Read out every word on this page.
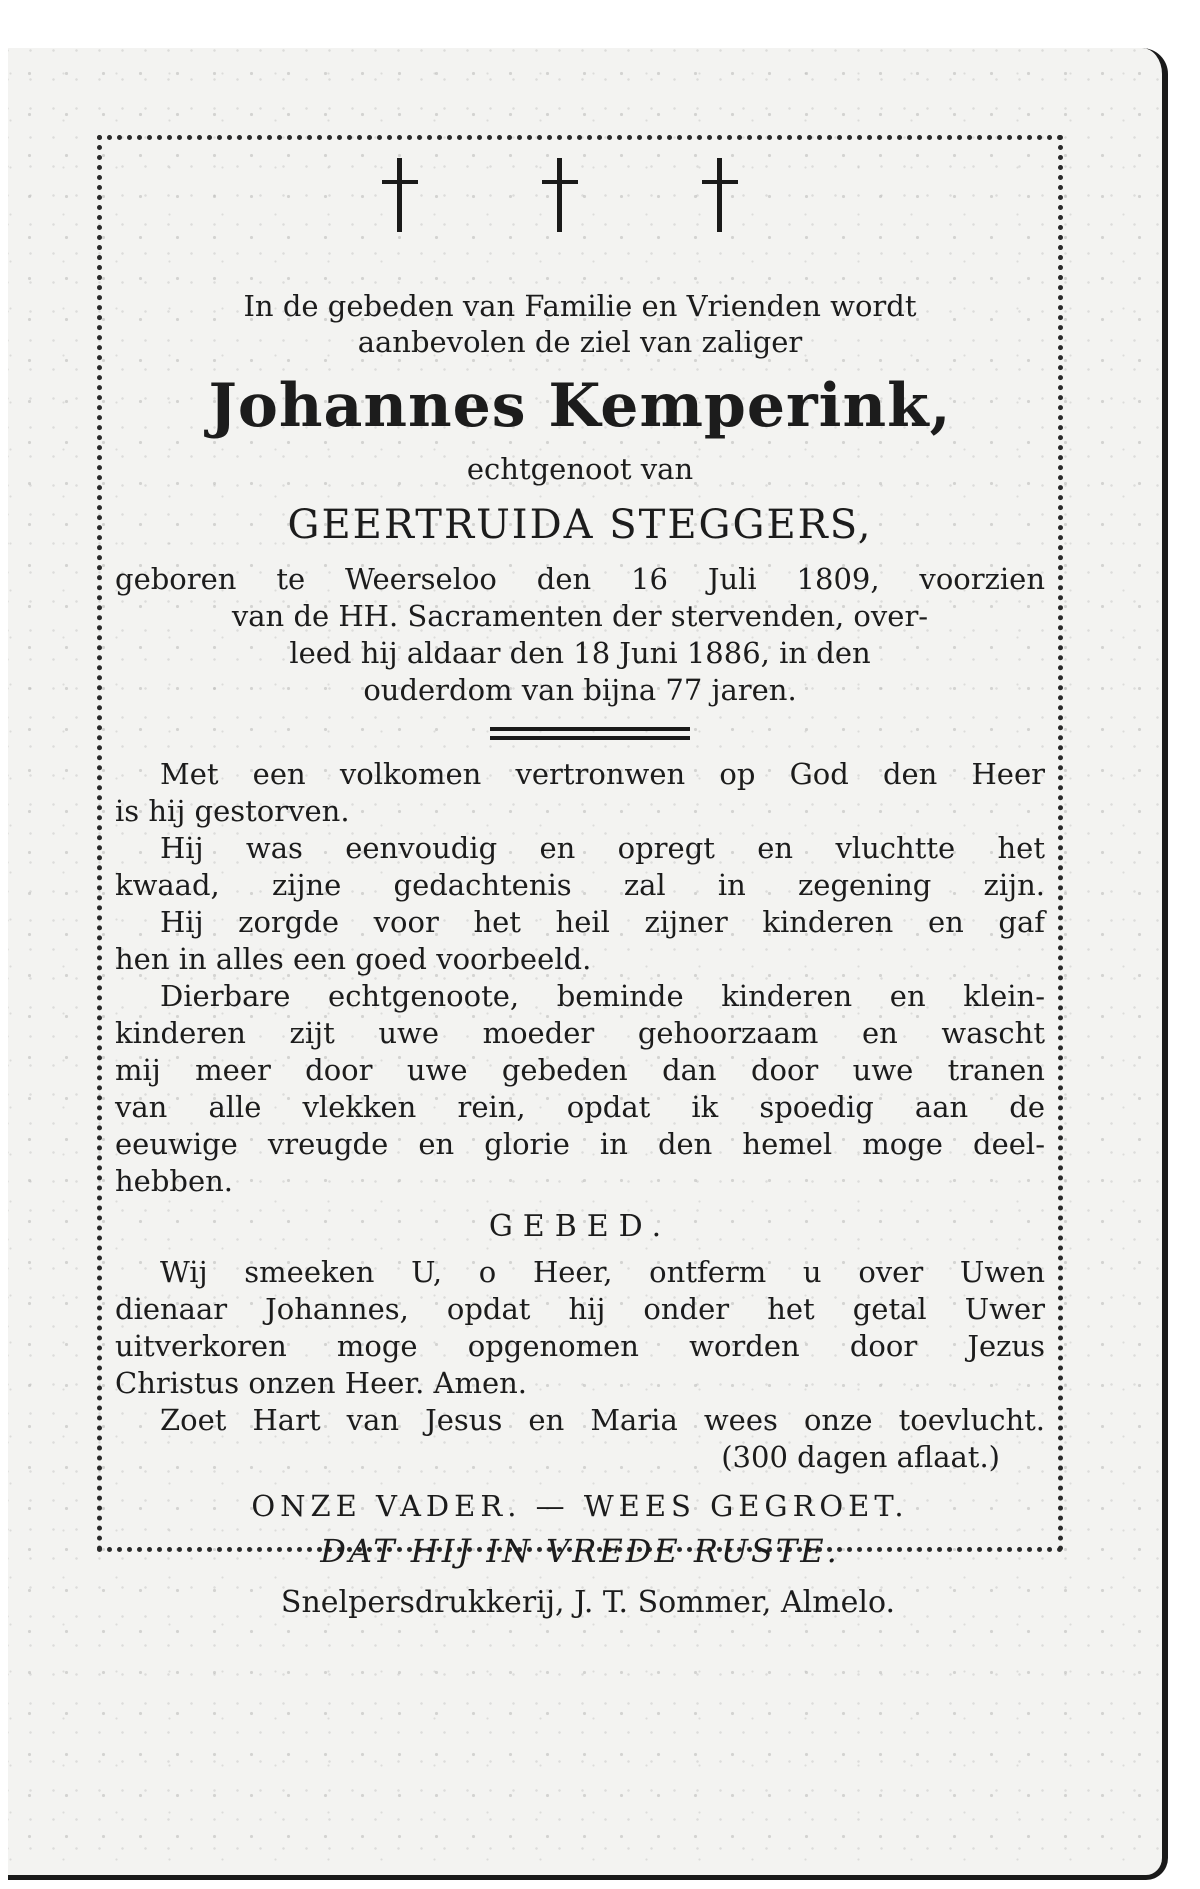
In de gebeden van Familie en Vrienden wordt
aanbevolen de ziel van zaliger
Johannes Kemperink,
echtgenoot van
GEERTRUIDA STEGGERS,
geboren te Weerseloo den 16 Juli 1809, voorzien
van de HH. Sacramenten der stervenden, over-
leed hij aldaar den 18 Juni 1886, in den
ouderdom van bijna 77 jaren.
Met een volkomen vertronwen op God den Heer
is hij gestorven.
Hij was eenvoudig en opregt en vluchtte het
kwaad, zijne gedachtenis zal in zegening zijn.
Hij zorgde voor het heil zijner kinderen en gaf
hen in alles een goed voorbeeld.
Dierbare echtgenoote, beminde kinderen en klein-
kinderen zijt uwe moeder gehoorzaam en wascht
mij meer door uwe gebeden dan door uwe tranen
van alle vlekken rein, opdat ik spoedig aan de
eeuwige vreugde en glorie in den hemel moge deel-
hebben.
GEBED.
Wij smeeken U, o Heer, ontferm u over Uwen
dienaar Johannes, opdat hij onder het getal Uwer
uitverkoren moge opgenomen worden door Jezus
Christus onzen Heer. Amen.
Zoet Hart van Jesus en Maria wees onze toevlucht.
(300 dagen aflaat.)
ONZE VADER. — WEES GEGROET.
DAT HIJ IN VREDE RUSTE.
Snelpersdrukkerij, J. T. Sommer, Almelo.
